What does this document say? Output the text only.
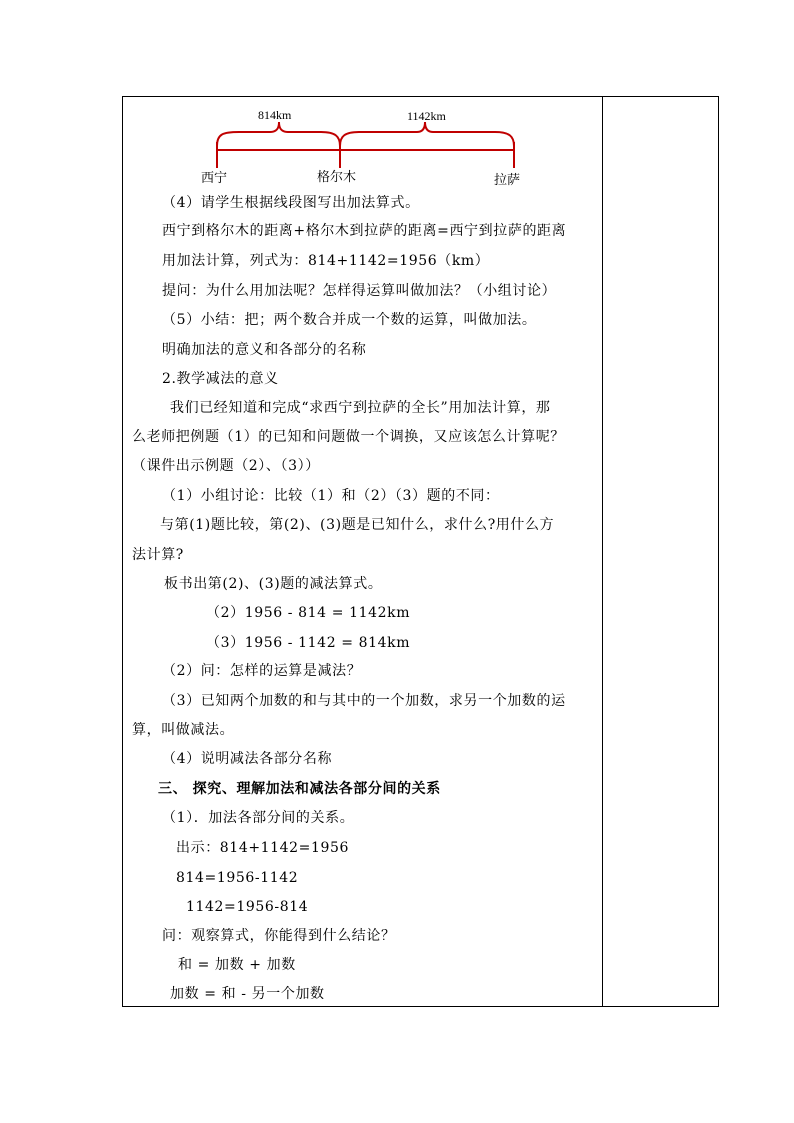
814km	1142km
西宁	格尔木	拉萨
（4）请学生根据线段图写出加法算式。
西宁到格尔木的距离+格尔木到拉萨的距离=西宁到拉萨的距离
用加法计算，列式为：814+1142=1956（km）
提问：为什么用加法呢？怎样得运算叫做加法？（小组讨论）
（5）小结：把；两个数合并成一个数的运算，叫做加法。
明确加法的意义和各部分的名称
2.教学减法的意义
我们已经知道和完成“求西宁到拉萨的全长”用加法计算，那
么老师把例题（1）的已知和问题做一个调换，又应该怎么计算呢？
（课件出示例题（2）、（3））
（1）小组讨论：比较（1）和（2）（3）题的不同：
与第(1)题比较，第(2)、(3)题是已知什么，求什么?用什么方
法计算?
板书出第(2)、(3)题的减法算式。
（2）1956 - 814 = 1142km
（3）1956 - 1142 = 814km
（2）问：怎样的运算是减法？
（3）已知两个加数的和与其中的一个加数，求另一个加数的运
算，叫做减法。
（4）说明减法各部分名称
三、 探究、理解加法和减法各部分间的关系
（1）．加法各部分间的关系。
出示：814+1142=1956
814=1956-1142
1142=1956-814
问：观察算式，你能得到什么结论？
和 = 加数 + 加数
加数 = 和 - 另一个加数
